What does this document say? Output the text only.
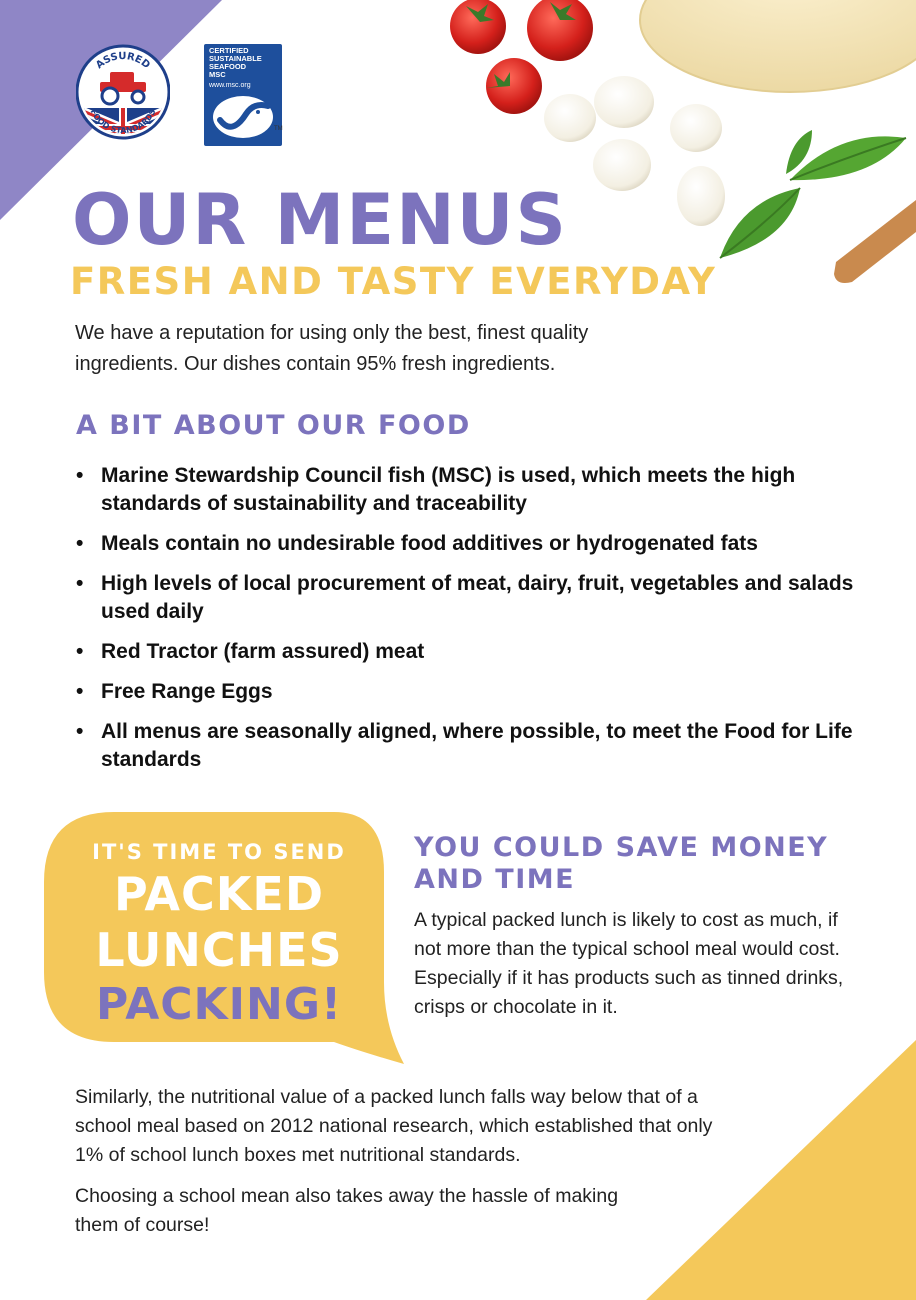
ASSURED
FOOD STANDARDS
CERTIFIED
SUSTAINABLE
SEAFOOD
MSC
www.msc.org
TM
OUR MENUS
FRESH AND TASTY EVERYDAY

We have a reputation for using only the best, finest quality ingredients. Our dishes contain 95% fresh ingredients.

A BIT ABOUT OUR FOOD
• Marine Stewardship Council fish (MSC) is used, which meets the high standards of sustainability and traceability
• Meals contain no undesirable food additives or hydrogenated fats
• High levels of local procurement of meat, dairy, fruit, vegetables and salads used daily
• Red Tractor (farm assured) meat
• Free Range Eggs
• All menus are seasonally aligned, where possible, to meet the Food for Life standards
IT'S TIME TO SEND
PACKED
LUNCHES
PACKING!
YOU COULD SAVE MONEY AND TIME

A typical packed lunch is likely to cost as much, if not more than the typical school meal would cost. Especially if it has products such as tinned drinks, crisps or chocolate in it.

Similarly, the nutritional value of a packed lunch falls way below that of a school meal based on 2012 national research, which established that only 1% of school lunch boxes met nutritional standards.

Choosing a school mean also takes away the hassle of making them of course!
